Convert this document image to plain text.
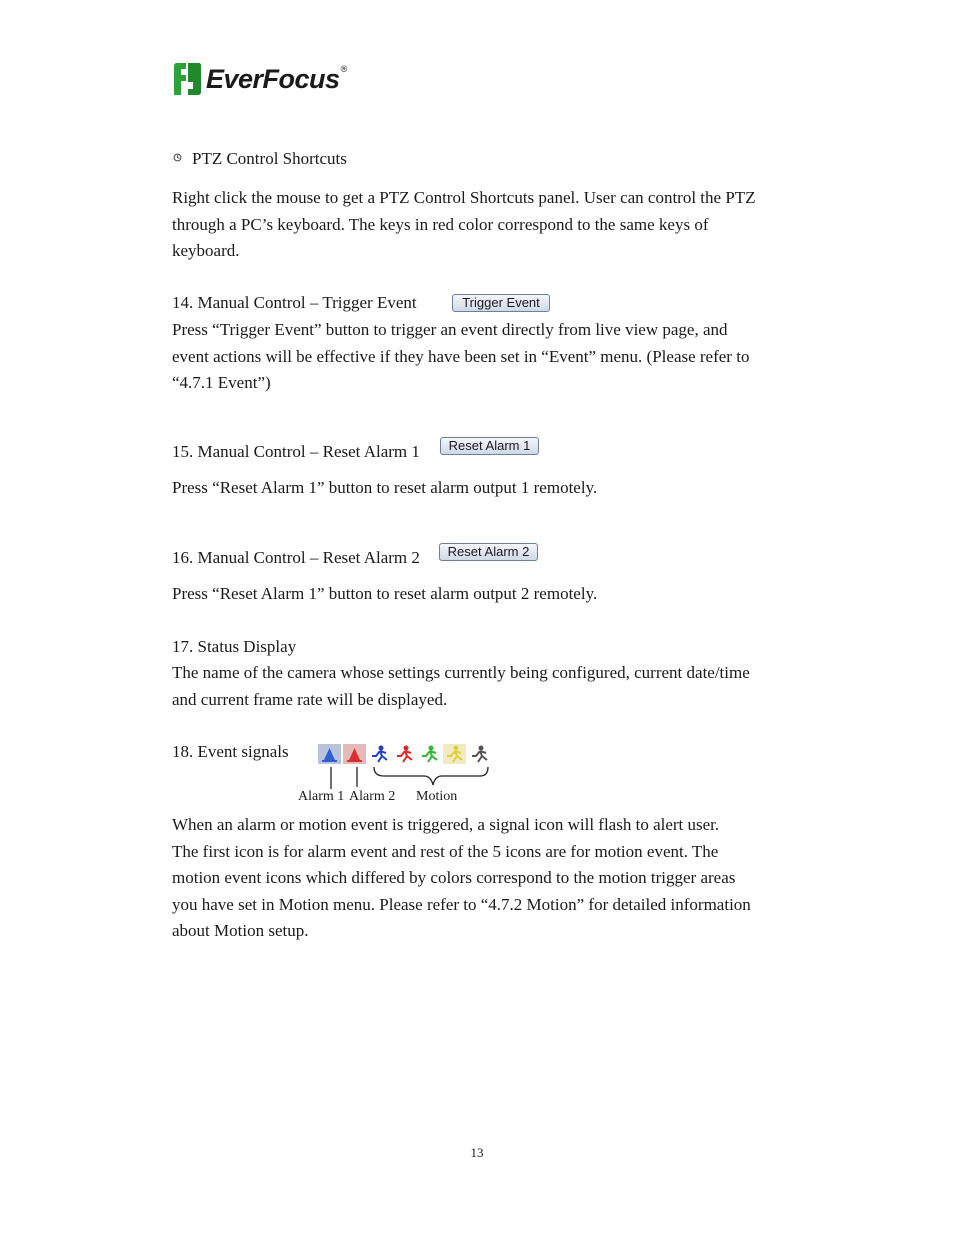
EverFocus ®
PTZ Control Shortcuts
Right click the mouse to get a PTZ Control Shortcuts panel. User can control the PTZ
through a PC’s keyboard. The keys in red color correspond to the same keys of
keyboard.
14. Manual Control – Trigger Event	Trigger Event
Press “Trigger Event” button to trigger an event directly from live view page, and
event actions will be effective if they have been set in “Event” menu. (Please refer to
“4.7.1 Event”)
15. Manual Control – Reset Alarm 1	Reset Alarm 1
Press “Reset Alarm 1” button to reset alarm output 1 remotely.
16. Manual Control – Reset Alarm 2	Reset Alarm 2
Press “Reset Alarm 1” button to reset alarm output 2 remotely.
17. Status Display
The name of the camera whose settings currently being configured, current date/time
and current frame rate will be displayed.
18. Event signals
Alarm 1 Alarm 2 Motion
When an alarm or motion event is triggered, a signal icon will flash to alert user.
The first icon is for alarm event and rest of the 5 icons are for motion event. The
motion event icons which differed by colors correspond to the motion trigger areas
you have set in Motion menu. Please refer to “4.7.2 Motion” for detailed information
about Motion setup.
13
